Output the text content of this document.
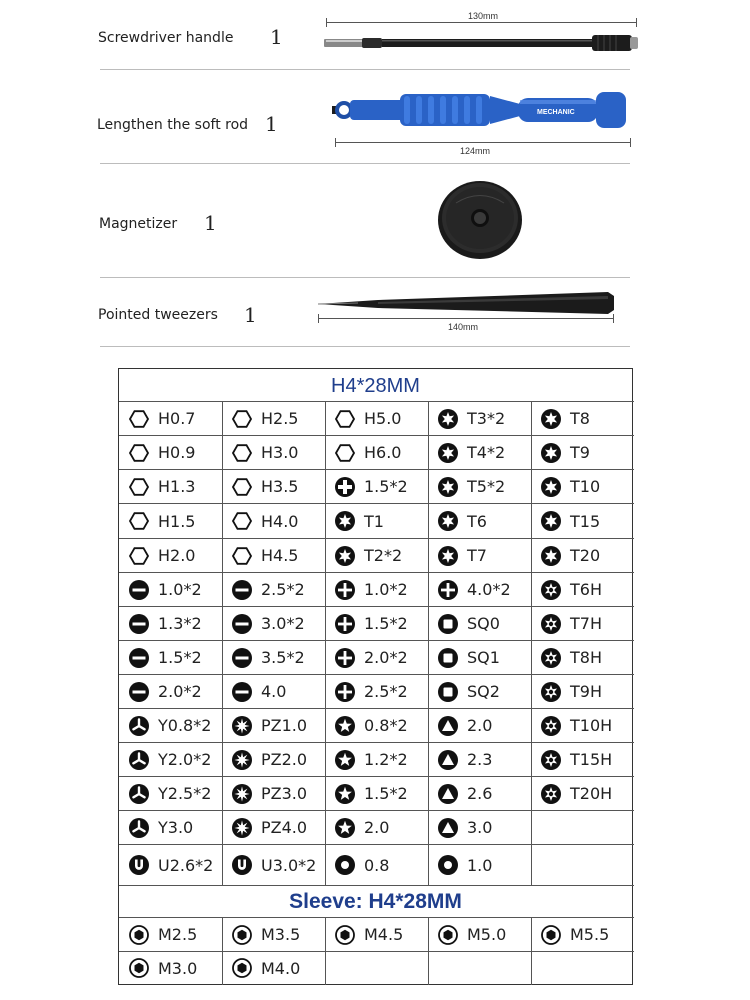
Screwdriver handle 1
130mm
Lengthen the soft rod 1	MECHANIC
124mm
Magnetizer 1
Pointed tweezers 1	140mm
H4*28MM
Sleeve: H4*28MM
H0.7	H2.5	H5.0	T3*2	T8
H0.9	H3.0	H6.0	T4*2	T9
H1.3	H3.5	1.5*2	T5*2	T10
H1.5	H4.0	T1	T6	T15
H2.0	H4.5	T2*2	T7	T20
1.0*2	2.5*2	1.0*2	4.0*2	T6H
1.3*2	3.0*2	1.5*2	SQ0	T7H
1.5*2	3.5*2	2.0*2	SQ1	T8H
2.0*2	4.0	2.5*2	SQ2	T9H
Y0.8*2	PZ1.0	0.8*2	2.0	T10H
Y2.0*2	PZ2.0	1.2*2	2.3	T15H
Y2.5*2	PZ3.0	1.5*2	2.6	T20H
Y3.0	PZ4.0	2.0	3.0
U2.6*2	U3.0*2	0.8	1.0
M2.5	M3.5	M4.5	M5.0	M5.5
M3.0	M4.0
